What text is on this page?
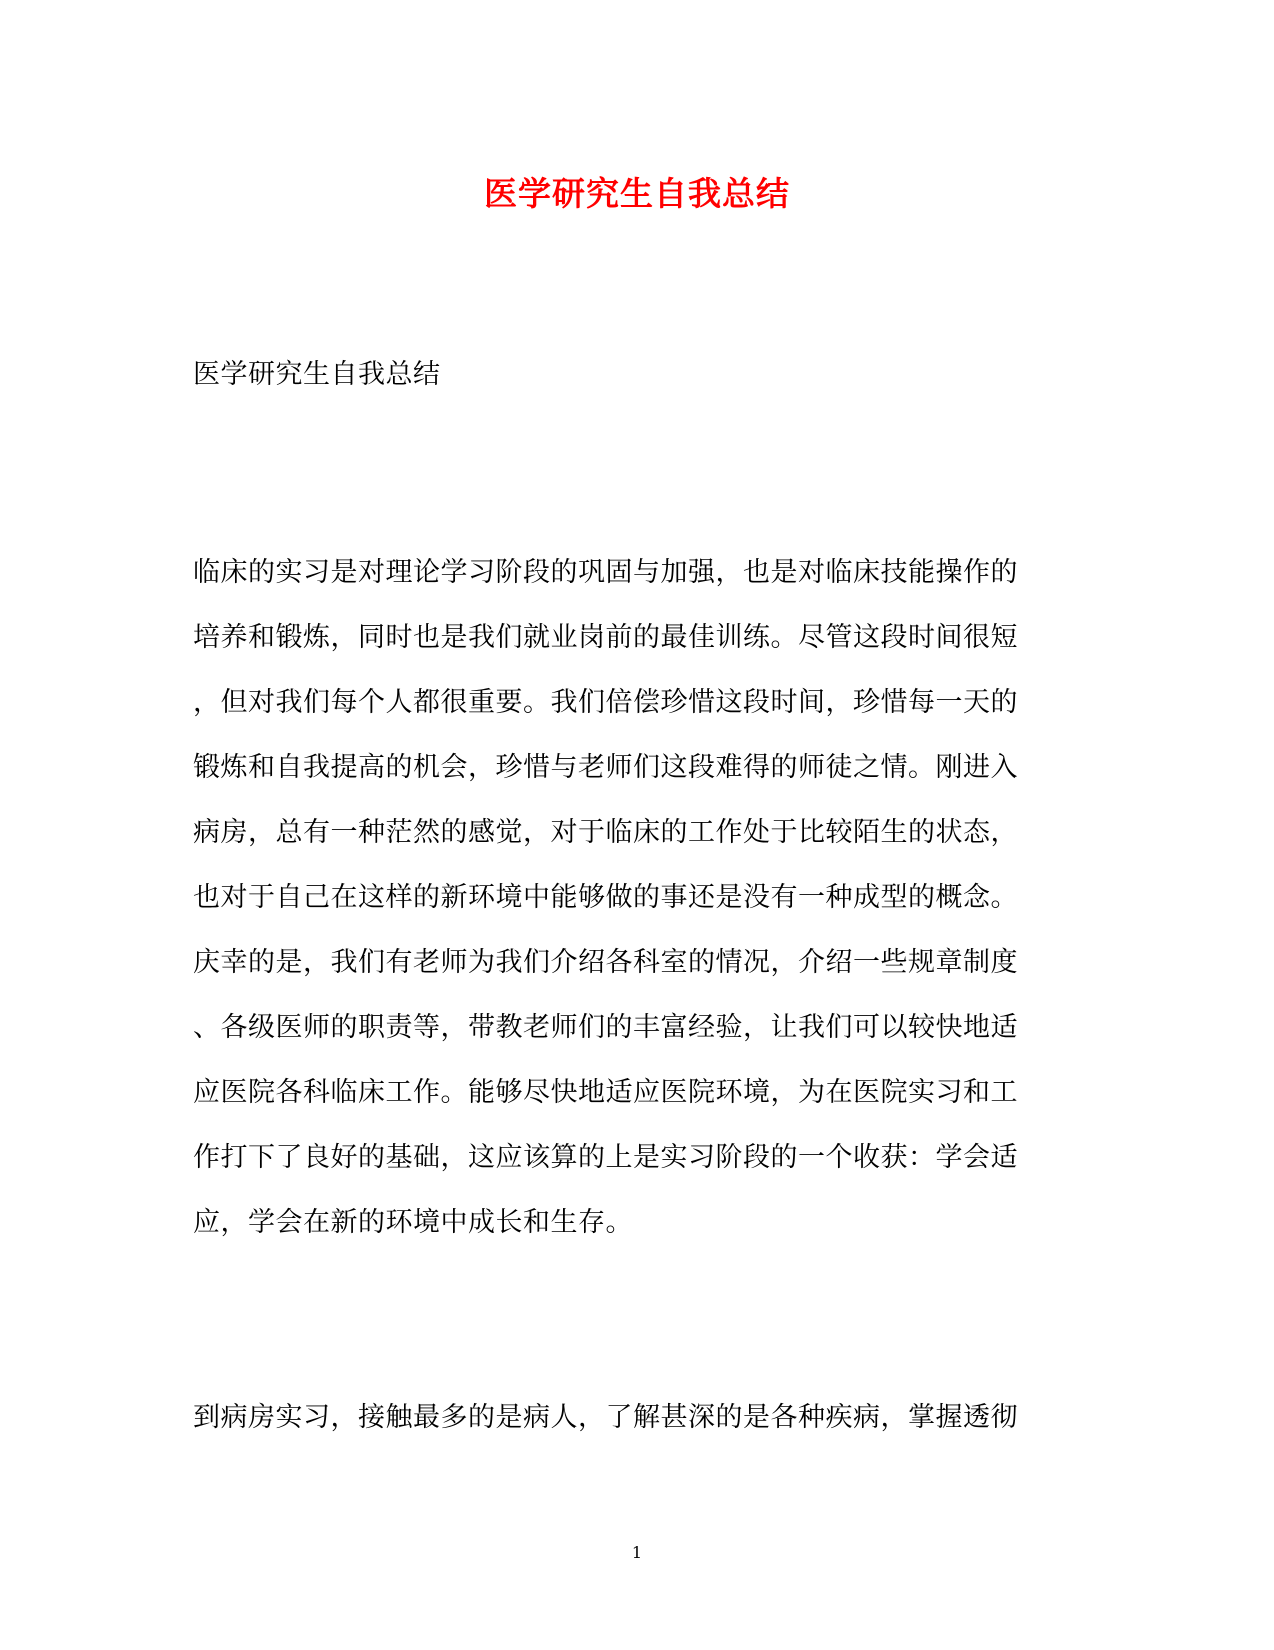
医学研究生自我总结
医学研究生自我总结
临床的实习是对理论学习阶段的巩固与加强，也是对临床技能操作的
培养和锻炼，同时也是我们就业岗前的最佳训练。尽管这段时间很短
，但对我们每个人都很重要。我们倍偿珍惜这段时间，珍惜每一天的
锻炼和自我提高的机会，珍惜与老师们这段难得的师徒之情。刚进入
病房，总有一种茫然的感觉，对于临床的工作处于比较陌生的状态，
也对于自己在这样的新环境中能够做的事还是没有一种成型的概念。
庆幸的是，我们有老师为我们介绍各科室的情况，介绍一些规章制度
、各级医师的职责等，带教老师们的丰富经验，让我们可以较快地适
应医院各科临床工作。能够尽快地适应医院环境，为在医院实习和工
作打下了良好的基础，这应该算的上是实习阶段的一个收获：学会适
应，学会在新的环境中成长和生存。
到病房实习，接触最多的是病人，了解甚深的是各种疾病，掌握透彻
1
